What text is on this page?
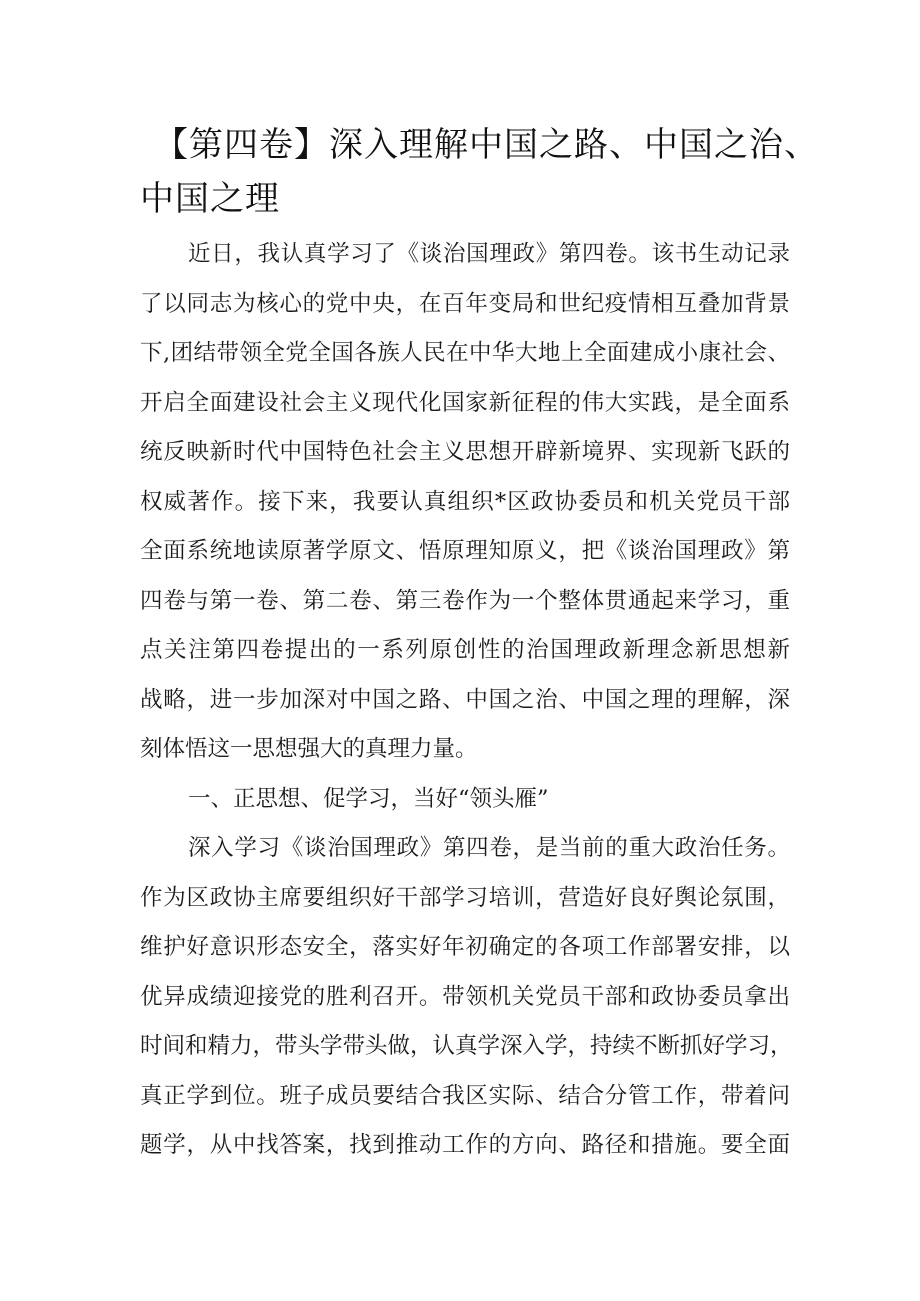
【第四卷】深入理解中国之路、中国之治、
中国之理
近日，我认真学习了《谈治国理政》第四卷。该书生动记录
了以同志为核心的党中央，在百年变局和世纪疫情相互叠加背景
下,团结带领全党全国各族人民在中华大地上全面建成小康社会、
开启全面建设社会主义现代化国家新征程的伟大实践，是全面系
统反映新时代中国特色社会主义思想开辟新境界、实现新飞跃的
权威著作。接下来，我要认真组织*区政协委员和机关党员干部
全面系统地读原著学原文、悟原理知原义，把《谈治国理政》第
四卷与第一卷、第二卷、第三卷作为一个整体贯通起来学习，重
点关注第四卷提出的一系列原创性的治国理政新理念新思想新
战略，进一步加深对中国之路、中国之治、中国之理的理解，深
刻体悟这一思想强大的真理力量。
一、正思想、促学习，当好“领头雁”
深入学习《谈治国理政》第四卷，是当前的重大政治任务。
作为区政协主席要组织好干部学习培训，营造好良好舆论氛围，
维护好意识形态安全，落实好年初确定的各项工作部署安排，以
优异成绩迎接党的胜利召开。带领机关党员干部和政协委员拿出
时间和精力，带头学带头做，认真学深入学，持续不断抓好学习，
真正学到位。班子成员要结合我区实际、结合分管工作，带着问
题学，从中找答案，找到推动工作的方向、路径和措施。要全面
